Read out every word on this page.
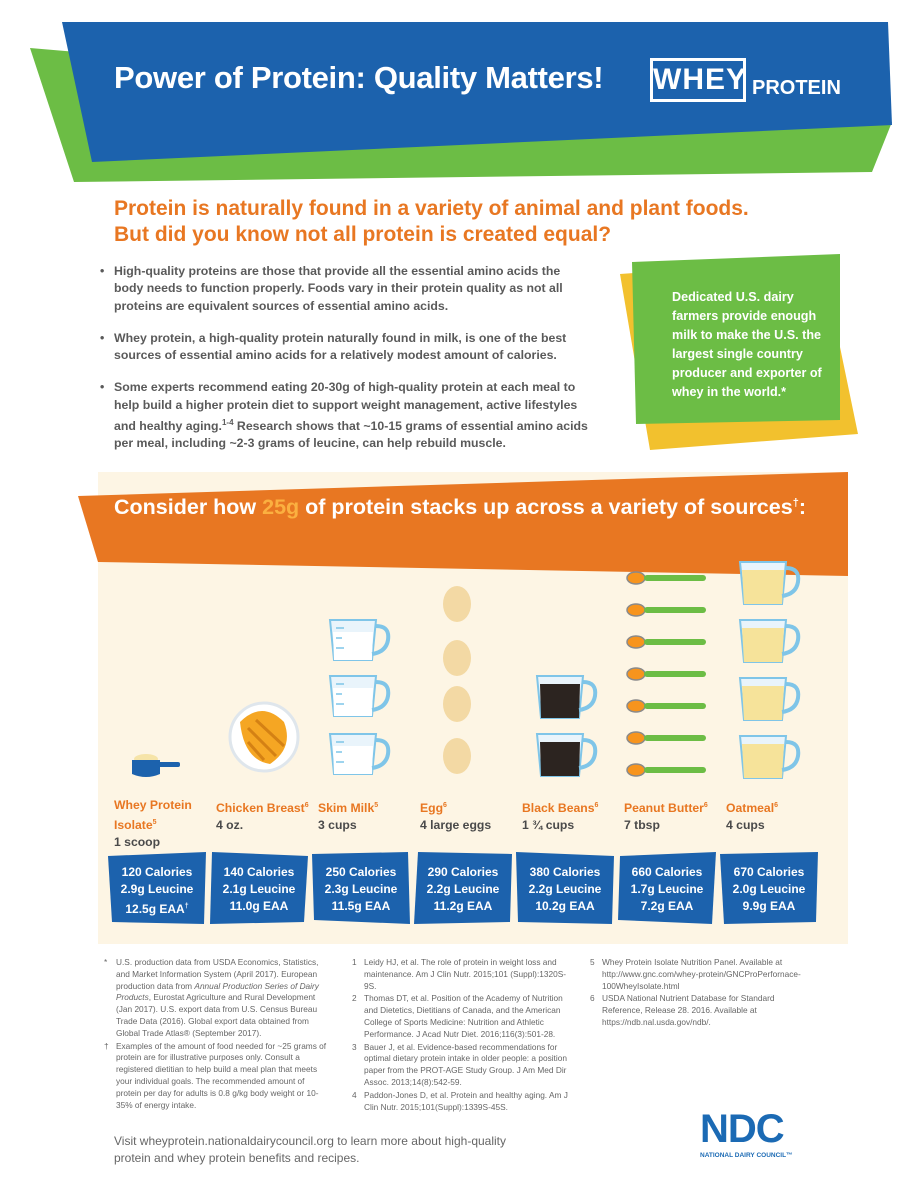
Power of Protein: Quality Matters! WHEY PROTEIN
Protein is naturally found in a variety of animal and plant foods.
But did you know not all protein is created equal?
• High-quality proteins are those that provide all the essential amino acids the body needs to function properly. Foods vary in their protein quality as not all proteins are equivalent sources of essential amino acids.
• Whey protein, a high-quality protein naturally found in milk, is one of the best sources of essential amino acids for a relatively modest amount of calories.
• Some experts recommend eating 20-30g of high-quality protein at each meal to help build a higher protein diet to support weight management, active lifestyles and healthy aging.$^{1-4}$ Research shows that ~10-15 grams of essential amino acids per meal, including ~2-3 grams of leucine, can help rebuild muscle.
Dedicated U.S. dairy farmers provide enough milk to make the U.S. the largest single country producer and exporter of whey in the world.*
Consider how 25g of protein stacks up across a variety of sources†:
Whey Protein Isolate$^5$
1 scoop
Chicken Breast$^6$
4 oz.
Skim Milk$^5$
3 cups
Egg$^6$
4 large eggs
Black Beans$^6$
1 ¾ cups
Peanut Butter$^6$
7 tbsp
Oatmeal$^6$
4 cups
120 Calories
2.9g Leucine
12.5g EAA†
140 Calories
2.1g Leucine
11.0g EAA
250 Calories
2.3g Leucine
11.5g EAA
290 Calories
2.2g Leucine
11.2g EAA
380 Calories
2.2g Leucine
10.2g EAA
660 Calories
1.7g Leucine
7.2g EAA
670 Calories
2.0g Leucine
9.9g EAA

* U.S. production data from USDA Economics, Statistics, and Market Information System (April 2017). European production data from Annual Production Series of Dairy Products, Eurostat Agriculture and Rural Development (Jan 2017). U.S. export data from U.S. Census Bureau Trade Data (2016). Global export data obtained from Global Trade Atlas® (September 2017).

† Examples of the amount of food needed for ~25 grams of protein are for illustrative purposes only. Consult a registered dietitian to help build a meal plan that meets your individual goals. The recommended amount of protein per day for adults is 0.8 g/kg body weight or 10-35% of energy intake.

1 Leidy HJ, et al. The role of protein in weight loss and maintenance. Am J Clin Nutr. 2015;101 (Suppl):1320S-9S.

2 Thomas DT, et al. Position of the Academy of Nutrition and Dietetics, Dietitians of Canada, and the American College of Sports Medicine: Nutrition and Athletic Performance. J Acad Nutr Diet. 2016;116(3):501-28.

3 Bauer J, et al. Evidence-based recommendations for optimal dietary protein intake in older people: a position paper from the PROT-AGE Study Group. J Am Med Dir Assoc. 2013;14(8):542-59.

4 Paddon-Jones D, et al. Protein and healthy aging. Am J Clin Nutr. 2015;101(Suppl):1339S-45S.

5 Whey Protein Isolate Nutrition Panel. Available at http://www.gnc.com/whey-protein/GNCProPerfornace-100WheyIsolate.html

6 USDA National Nutrient Database for Standard Reference, Release 28. 2016. Available at https://ndb.nal.usda.gov/ndb/.

Visit wheyprotein.nationaldairycouncil.org to learn more about high-quality protein and whey protein benefits and recipes.
NDC
NATIONAL DAIRY COUNCIL™
